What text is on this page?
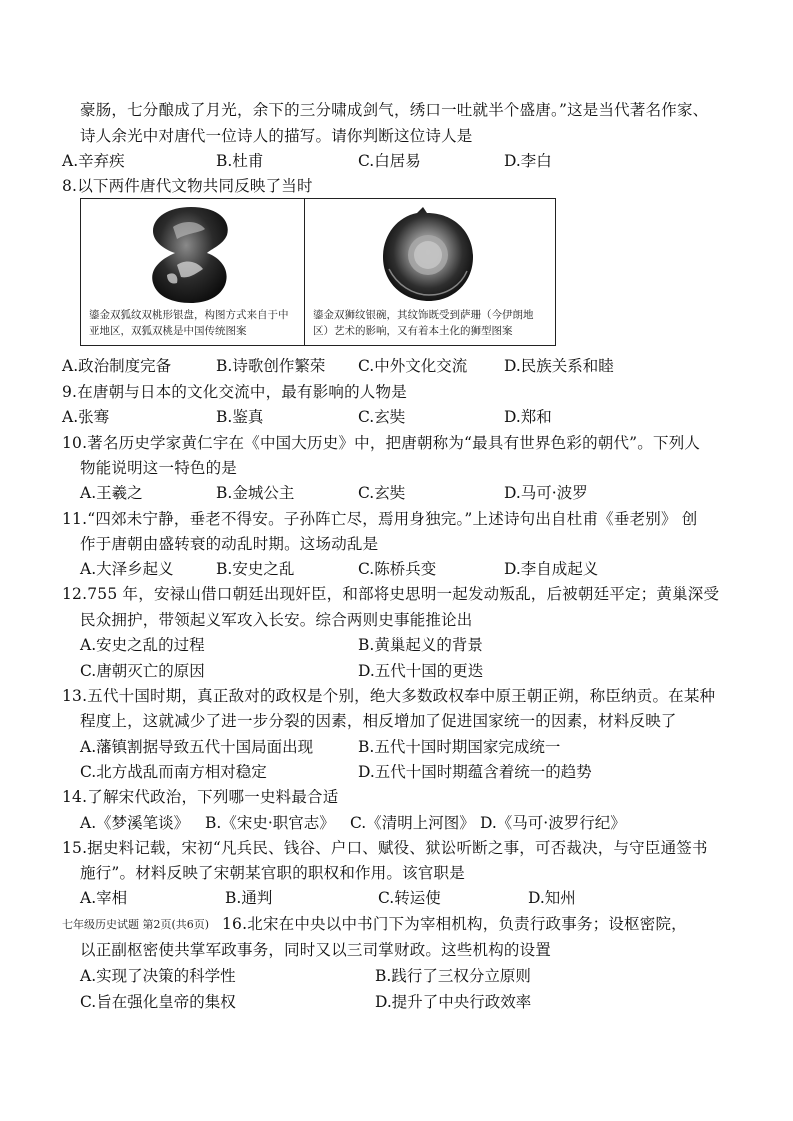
豪肠，七分酿成了月光，余下的三分啸成剑气，绣口一吐就半个盛唐。”这是当代著名作家、
诗人余光中对唐代一位诗人的描写。请你判断这位诗人是
A.辛弃疾	B.杜甫	C.白居易	D.李白
8.以下两件唐代文物共同反映了当时
鎏金双狐纹双桃形银盘，构图方式来自于中亚地区，双狐双桃是中国传统图案
鎏金双狮纹银碗，其纹饰既受到萨珊（今伊朗地区）艺术的影响，又有着本土化的狮型图案
A.政治制度完备	B.诗歌创作繁荣 C.中外文化交流 D.民族关系和睦
9.在唐朝与日本的文化交流中，最有影响的人物是
A.张骞	B.鉴真	C.玄奘	D.郑和
10.著名历史学家黄仁宇在《中国大历史》中，把唐朝称为“最具有世界色彩的朝代”。下列人
物能说明这一特色的是
A.王羲之	B.金城公主	C.玄奘	D.马可·波罗
11.“四郊未宁静，垂老不得安。子孙阵亡尽，焉用身独完。”上述诗句出自杜甫《垂老别》 创
作于唐朝由盛转衰的动乱时期。这场动乱是
A.大泽乡起义	B.安史之乱	C.陈桥兵变	D.李自成起义
12.755 年，安禄山借口朝廷出现奸臣，和部将史思明一起发动叛乱，后被朝廷平定；黄巢深受
民众拥护，带领起义军攻入长安。综合两则史事能推论出
A.安史之乱的过程	B.黄巢起义的背景
C.唐朝灭亡的原因	D.五代十国的更迭
13.五代十国时期，真正敌对的政权是个别，绝大多数政权奉中原王朝正朔，称臣纳贡。在某种
程度上，这就减少了进一步分裂的因素，相反增加了促进国家统一的因素，材料反映了
A.藩镇割据导致五代十国局面出现	B.五代十国时期国家完成统一
C.北方战乱而南方相对稳定	D.五代十国时期蕴含着统一的趋势
14.了解宋代政治，下列哪一史料最合适
A.《梦溪笔谈》 B.《宋史·职官志》 C.《清明上河图》 D.《马可·波罗行纪》
15.据史料记载，宋初“凡兵民、钱谷、户口、赋役、狱讼听断之事，可否裁决，与守臣通签书
施行”。材料反映了宋朝某官职的职权和作用。该官职是
A.宰相	B.通判	C.转运使	D.知州
七年级历史试题 第2页(共6页) 16.北宋在中央以中书门下为宰相机构，负责行政事务；设枢密院，
以正副枢密使共掌军政事务，同时又以三司掌财政。这些机构的设置
A.实现了决策的科学性	B.践行了三权分立原则
C.旨在强化皇帝的集权	D.提升了中央行政效率
